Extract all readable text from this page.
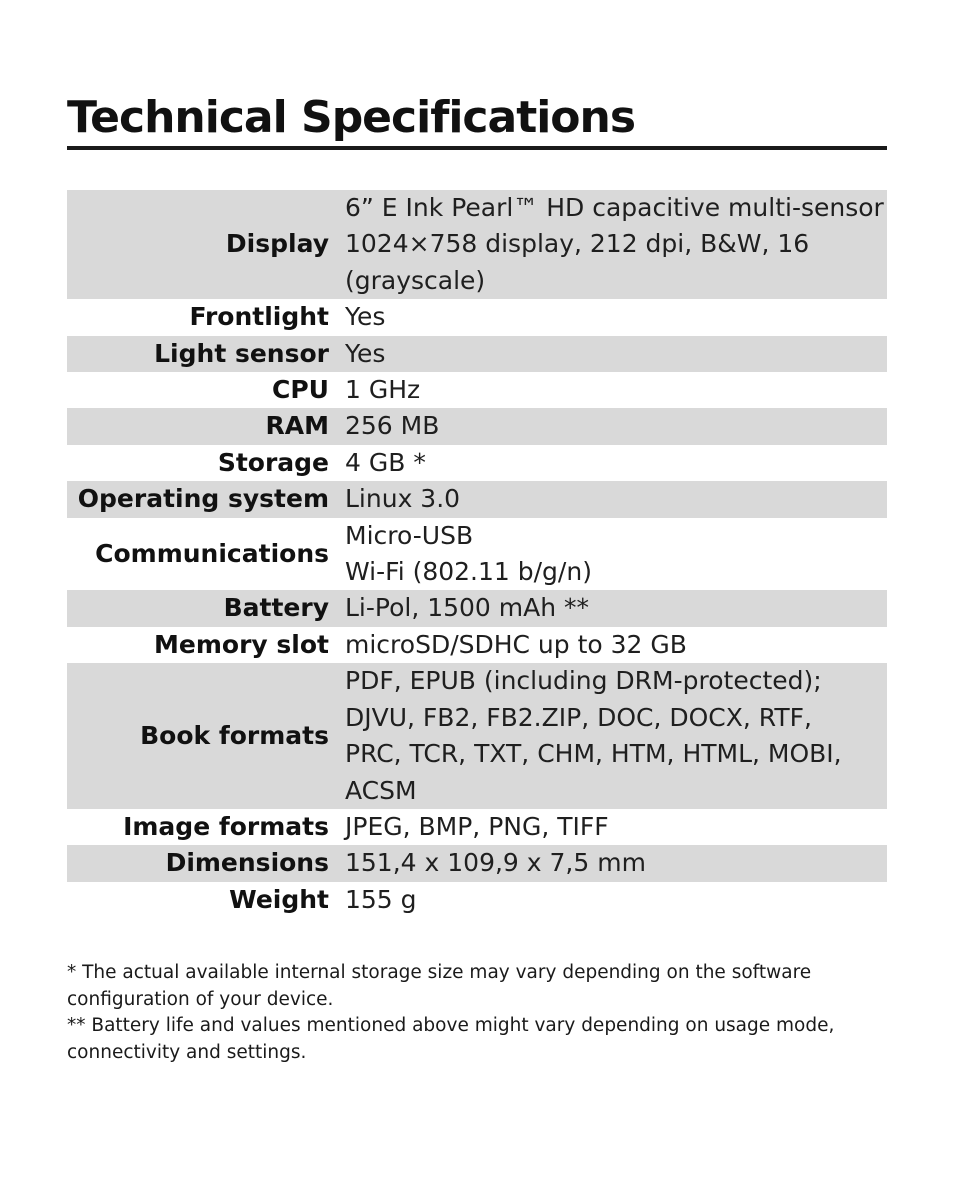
Technical Specifications
Display	6” E Ink Pearl™ HD capacitive multi-sensor
1024×758 display, 212 dpi, B&W, 16
(grayscale)

Frontlight	Yes

Light sensor	Yes

CPU	1 GHz

RAM	256 MB

Storage	4 GB *

Operating system	Linux 3.0

Communications	Micro-USB
Wi-Fi (802.11 b/g/n)

Battery	Li-Pol, 1500 mAh **

Memory slot	microSD/SDHC up to 32 GB

Book formats	PDF, EPUB (including DRM-protected);
DJVU, FB2, FB2.ZIP, DOC, DOCX, RTF,
PRC, TCR, TXT, CHM, HTM, HTML, MOBI,
ACSM

Image formats	JPEG, BMP, PNG, TIFF

Dimensions	151,4 x 109,9 x 7,5 mm

Weight	155 g
* The actual available internal storage size may vary depending on the software configuration of your device.
** Battery life and values mentioned above might vary depending on usage mode, connectivity and settings.
